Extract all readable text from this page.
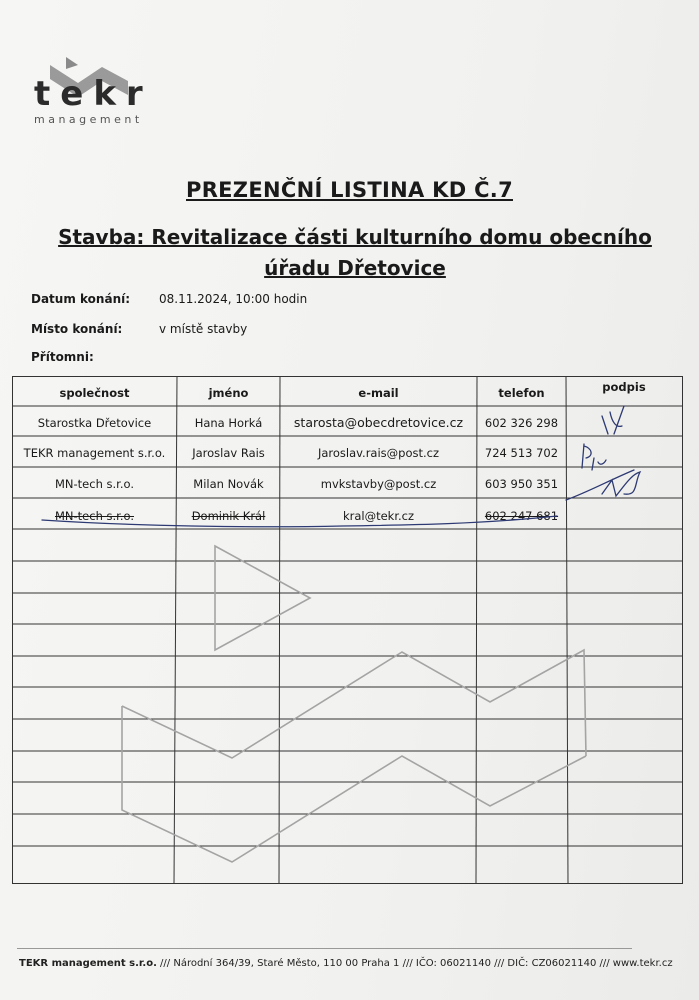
tekr
management
PREZENČNÍ LISTINA KD Č.7
Stavba: Revitalizace části kulturního domu obecního
úřadu Dřetovice
Datum konání: 08.11.2024, 10:00 hodin
Místo konání:	v místě stavby
Přítomni:
společnost	jméno	e-mail	telefon	podpis
Starostka Dřetovice	Hana Horká	starosta@obecdretovice.cz	602 326 298
TEKR management s.r.o.	Jaroslav Rais	Jaroslav.rais@post.cz	724 513 702
MN-tech s.r.o.	Milan Novák	mvkstavby@post.cz	603 950 351
MN-tech s.r.o.	Dominik Král	kral@tekr.cz	602 247 681
TEKR management s.r.o. /// Národní 364/39, Staré Město, 110 00 Praha 1 /// IČO: 06021140 /// DIČ: CZ06021140 /// www.tekr.cz
